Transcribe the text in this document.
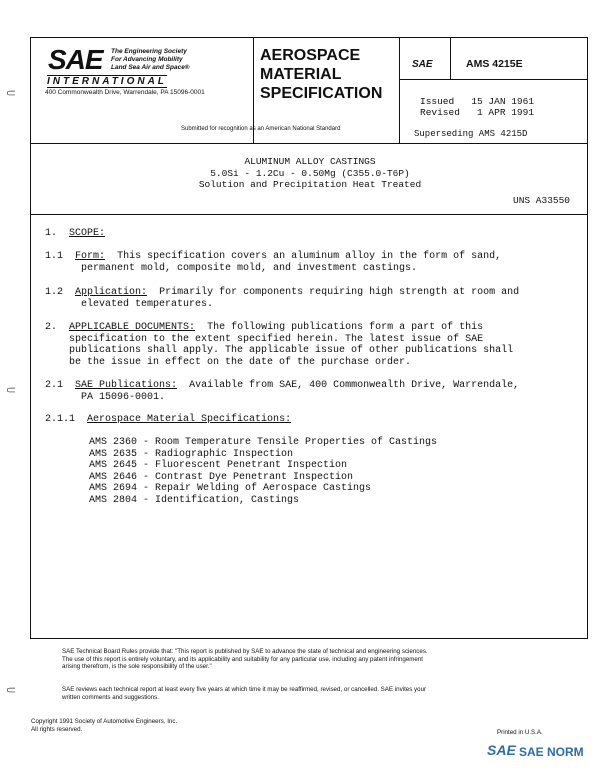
SAE The Engineering Society
For Advancing Mobility
Land Sea Air and Space®
INTERNATIONAL
400 Commonwealth Drive, Warrendale, PA 15096-0001
AEROSPACE
MATERIAL
SPECIFICATION
Submitted for recognition as an American National Standard
SAE	AMS 4215E
Issued   15 JAN 1961
Revised   1 APR 1991
Superseding AMS 4215D
ALUMINUM ALLOY CASTINGS
5.0Si - 1.2Cu - 0.50Mg (C355.0-T6P)
Solution and Precipitation Heat Treated
UNS A33550
1. SCOPE:
1.1 Form: This specification covers an aluminum alloy in the form of sand,
permanent mold, composite mold, and investment castings.
1.2 Application: Primarily for components requiring high strength at room and
elevated temperatures.
2. APPLICABLE DOCUMENTS: The following publications form a part of this
specification to the extent specified herein. The latest issue of SAE
publications shall apply. The applicable issue of other publications shall
be the issue in effect on the date of the purchase order.
2.1 SAE Publications: Available from SAE, 400 Commonwealth Drive, Warrendale,
PA 15096-0001.
2.1.1 Aerospace Material Specifications:
AMS 2360 - Room Temperature Tensile Properties of Castings
AMS 2635 - Radiographic Inspection
AMS 2645 - Fluorescent Penetrant Inspection
AMS 2646 - Contrast Dye Penetrant Inspection
AMS 2694 - Repair Welding of Aerospace Castings
AMS 2804 - Identification, Castings
SAE Technical Board Rules provide that: "This report is published by SAE to advance the state of technical and engineering sciences.
The use of this report is entirely voluntary, and its applicability and suitability for any particular use, including any patent infringement
arising therefrom, is the sole responsibility of the user."
SAE reviews each technical report at least every five years at which time it may be reaffirmed, revised, or cancelled. SAE invites your
written comments and suggestions.
Copyright 1991 Society of Automotive Engineers, Inc.
All rights reserved.	Printed in U.S.A.
⸦
⸦
⸦
SAE SAE NORM
